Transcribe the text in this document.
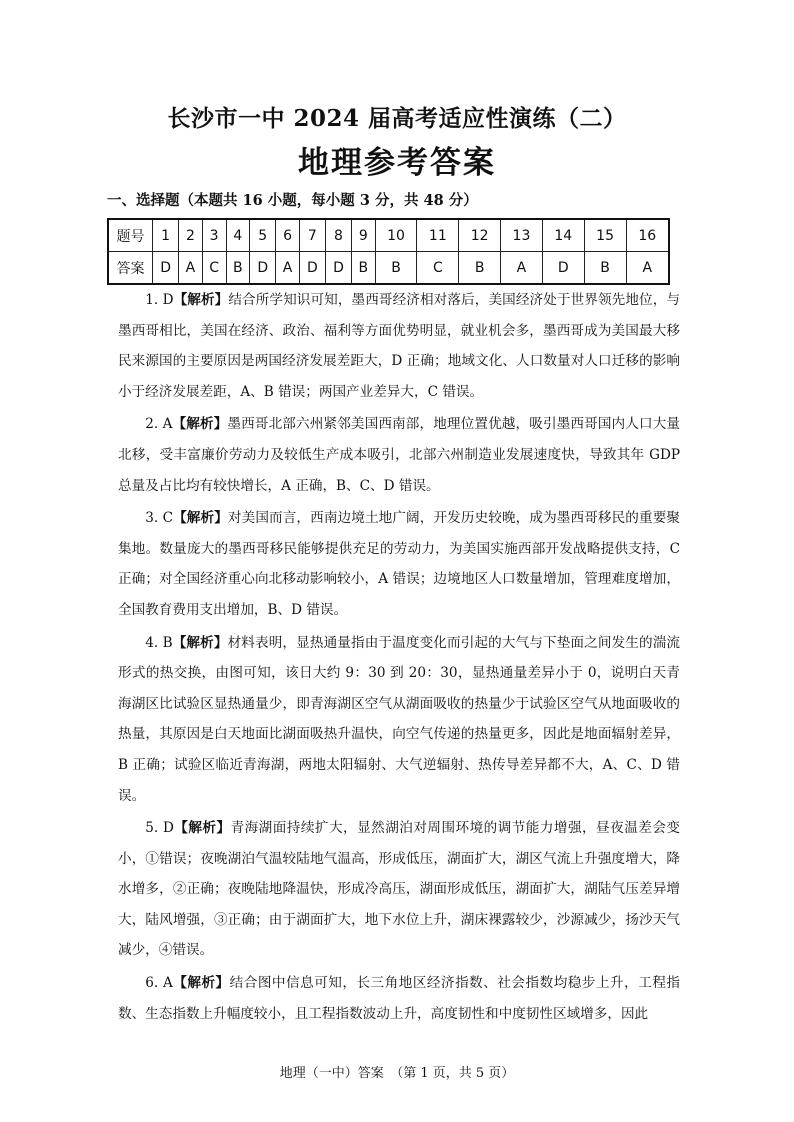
长沙市一中 2024 届高考适应性演练（二）
地理参考答案
一、选择题（本题共 16 小题，每小题 3 分，共 48 分）
题号	1	2	3	4	5	6	7	8	9	10	11	12	13	14	15	16
答案	D	A	C	B	D	A	D	D	B	B	C	B	A	D	B	A

1. D【解析】结合所学知识可知，墨西哥经济相对落后，美国经济处于世界领先地位，与墨西哥相比，美国在经济、政治、福利等方面优势明显，就业机会多，墨西哥成为美国最大移民来源国的主要原因是两国经济发展差距大，D 正确；地域文化、人口数量对人口迁移的影响小于经济发展差距，A、B 错误；两国产业差异大，C 错误。

2. A【解析】墨西哥北部六州紧邻美国西南部，地理位置优越，吸引墨西哥国内人口大量北移，受丰富廉价劳动力及较低生产成本吸引，北部六州制造业发展速度快，导致其年 GDP 总量及占比均有较快增长，A 正确，B、C、D 错误。

3. C【解析】对美国而言，西南边境土地广阔，开发历史较晚，成为墨西哥移民的重要聚集地。数量庞大的墨西哥移民能够提供充足的劳动力，为美国实施西部开发战略提供支持，C 正确；对全国经济重心向北移动影响较小，A 错误；边境地区人口数量增加，管理难度增加，全国教育费用支出增加，B、D 错误。

4. B【解析】材料表明，显热通量指由于温度变化而引起的大气与下垫面之间发生的湍流形式的热交换，由图可知，该日大约 9：30 到 20：30，显热通量差异小于 0，说明白天青海湖区比试验区显热通量少，即青海湖区空气从湖面吸收的热量少于试验区空气从地面吸收的热量，其原因是白天地面比湖面吸热升温快，向空气传递的热量更多，因此是地面辐射差异，B 正确；试验区临近青海湖，两地太阳辐射、大气逆辐射、热传导差异都不大，A、C、D 错误。

5. D【解析】青海湖面持续扩大，显然湖泊对周围环境的调节能力增强，昼夜温差会变小，①错误；夜晚湖泊气温较陆地气温高，形成低压，湖面扩大，湖区气流上升强度增大，降水增多，②正确；夜晚陆地降温快，形成冷高压，湖面形成低压，湖面扩大，湖陆气压差异增大，陆风增强，③正确；由于湖面扩大，地下水位上升，湖床裸露较少，沙源减少，扬沙天气减少，④错误。

6. A【解析】结合图中信息可知，长三角地区经济指数、社会指数均稳步上升，工程指数、生态指数上升幅度较小，且工程指数波动上升，高度韧性和中度韧性区域增多，因此

地理（一中）答案　（第 1 页，共 5 页）
